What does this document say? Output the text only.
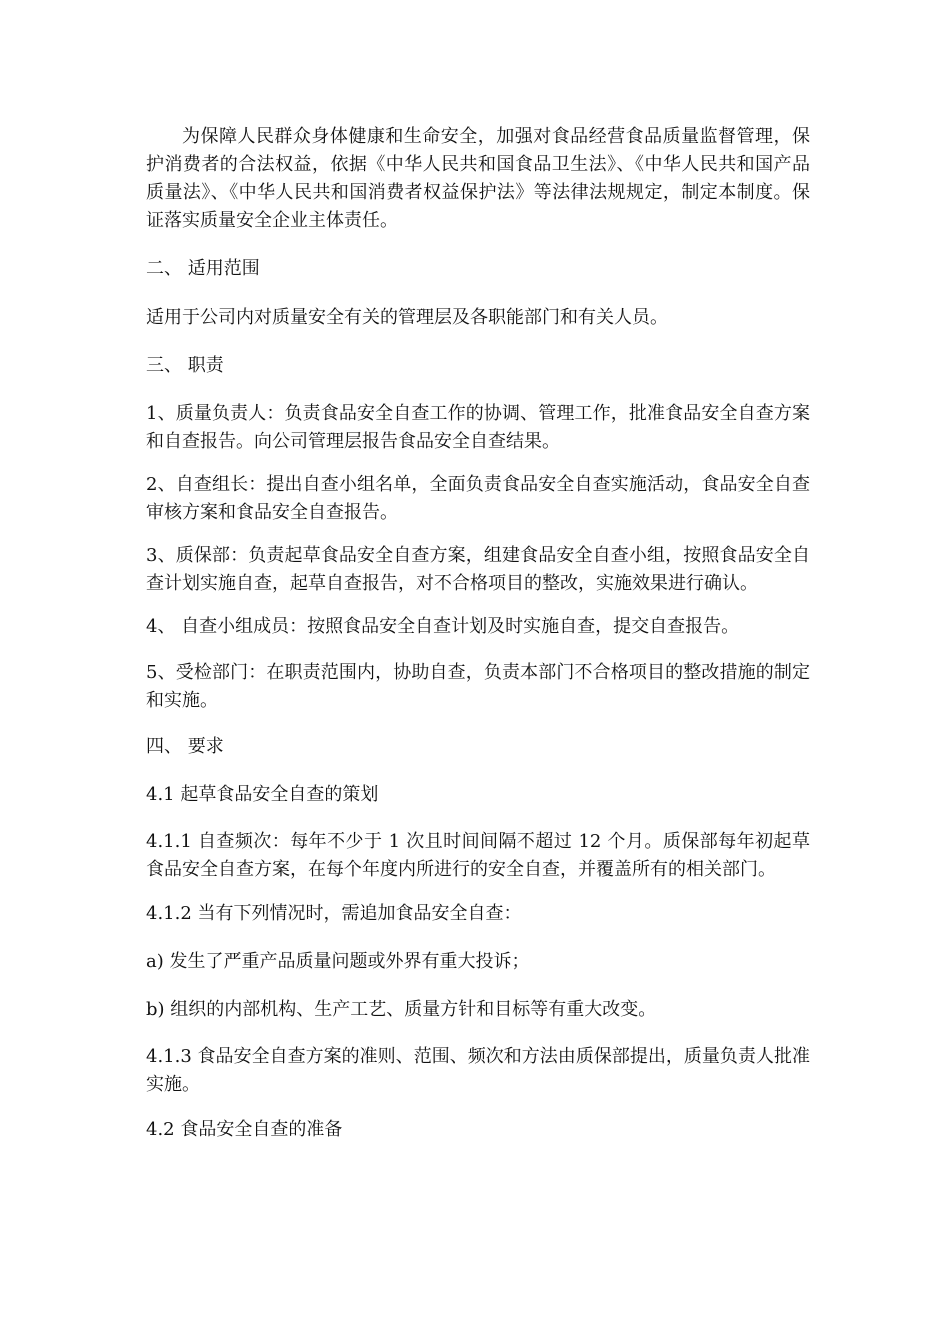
为保障人民群众身体健康和生命安全，加强对食品经营食品质量监督管理，保护消费者的合法权益，依据《中华人民共和国食品卫生法》、《中华人民共和国产品质量法》、《中华人民共和国消费者权益保护法》等法律法规规定，制定本制度。保证落实质量安全企业主体责任。

二、 适用范围

适用于公司内对质量安全有关的管理层及各职能部门和有关人员。

三、 职责

1、质量负责人：负责食品安全自查工作的协调、管理工作，批准食品安全自查方案和自查报告。向公司管理层报告食品安全自查结果。

2、自查组长：提出自查小组名单，全面负责食品安全自查实施活动，食品安全自查审核方案和食品安全自查报告。

3、质保部：负责起草食品安全自查方案，组建食品安全自查小组，按照食品安全自查计划实施自查，起草自查报告，对不合格项目的整改，实施效果进行确认。

4、 自查小组成员：按照食品安全自查计划及时实施自查，提交自查报告。

5、受检部门：在职责范围内，协助自查，负责本部门不合格项目的整改措施的制定和实施。

四、 要求

4.1 起草食品安全自查的策划

4.1.1 自查频次：每年不少于 1 次且时间间隔不超过 12 个月。质保部每年初起草食品安全自查方案，在每个年度内所进行的安全自查，并覆盖所有的相关部门。

4.1.2 当有下列情况时，需追加食品安全自查：

a) 发生了严重产品质量问题或外界有重大投诉；

b) 组织的内部机构、生产工艺、质量方针和目标等有重大改变。

4.1.3 食品安全自查方案的准则、范围、频次和方法由质保部提出，质量负责人批准实施。

4.2 食品安全自查的准备
